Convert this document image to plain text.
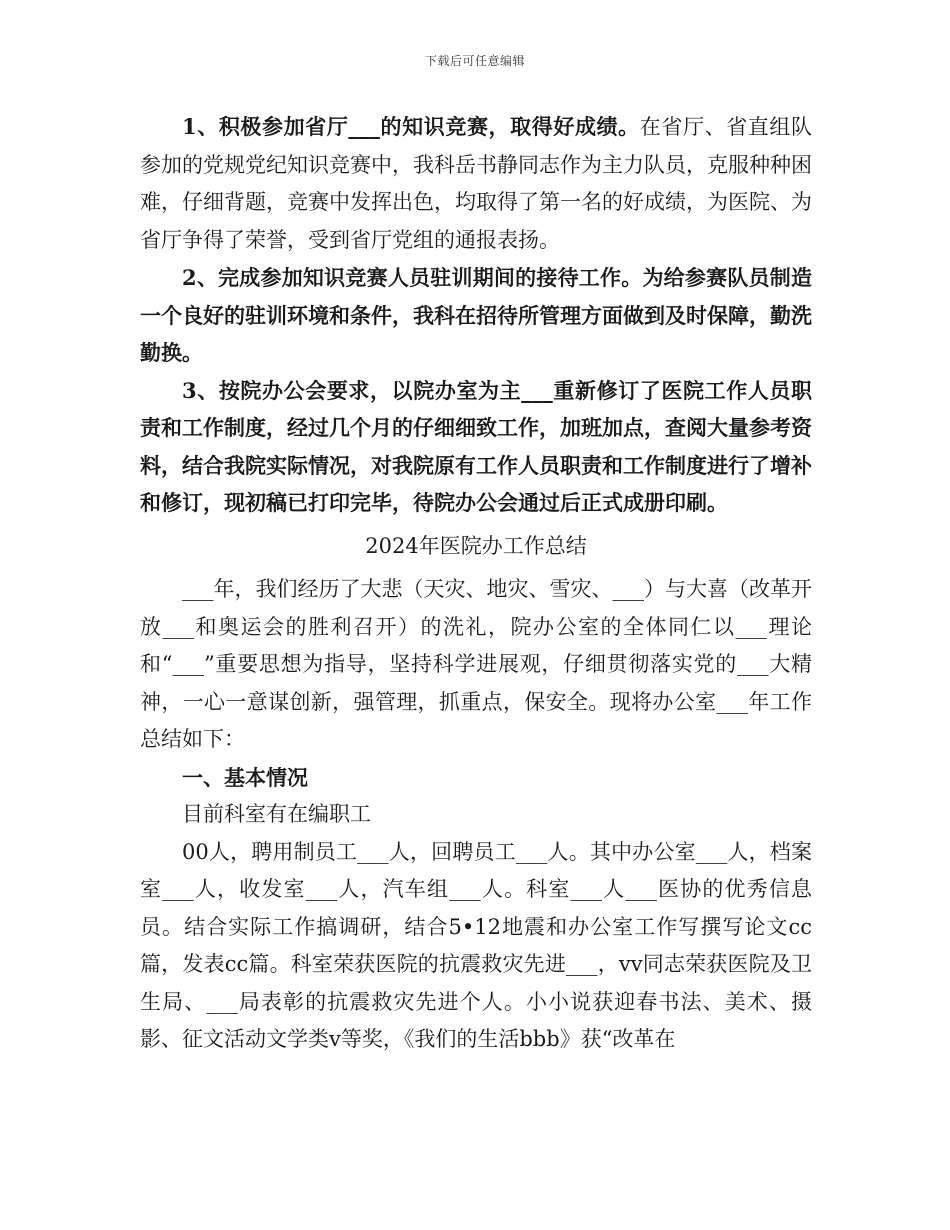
下载后可任意编辑

1、积极参加省厅___的知识竞赛，取得好成绩。在省厅、省直组队参加的党规党纪知识竞赛中，我科岳书静同志作为主力队员，克服种种困难，仔细背题，竞赛中发挥出色，均取得了第一名的好成绩，为医院、为省厅争得了荣誉，受到省厅党组的通报表扬。

2、完成参加知识竞赛人员驻训期间的接待工作。为给参赛队员制造一个良好的驻训环境和条件，我科在招待所管理方面做到及时保障，勤洗勤换。

3、按院办公会要求，以院办室为主___重新修订了医院工作人员职责和工作制度，经过几个月的仔细细致工作，加班加点，查阅大量参考资料，结合我院实际情况，对我院原有工作人员职责和工作制度进行了增补和修订，现初稿已打印完毕，待院办公会通过后正式成册印刷。

2024年医院办工作总结

___年，我们经历了大悲（天灾、地灾、雪灾、___）与大喜（改革开放___和奥运会的胜利召开）的洗礼，院办公室的全体同仁以___理论和“___”重要思想为指导，坚持科学进展观，仔细贯彻落实党的___大精神，一心一意谋创新，强管理，抓重点，保安全。现将办公室___年工作总结如下：

一、基本情况

目前科室有在编职工

00人，聘用制员工___人，回聘员工___人。其中办公室___人，档案室___人，收发室___人，汽车组___人。科室___人___医协的优秀信息员。结合实际工作搞调研，结合5•12地震和办公室工作写撰写论文cc篇，发表cc篇。科室荣获医院的抗震救灾先进___，vv同志荣获医院及卫生局、___局表彰的抗震救灾先进个人。小小说获迎春书法、美术、摄影、征文活动文学类v等奖，《我们的生活bbb》获“改革在
